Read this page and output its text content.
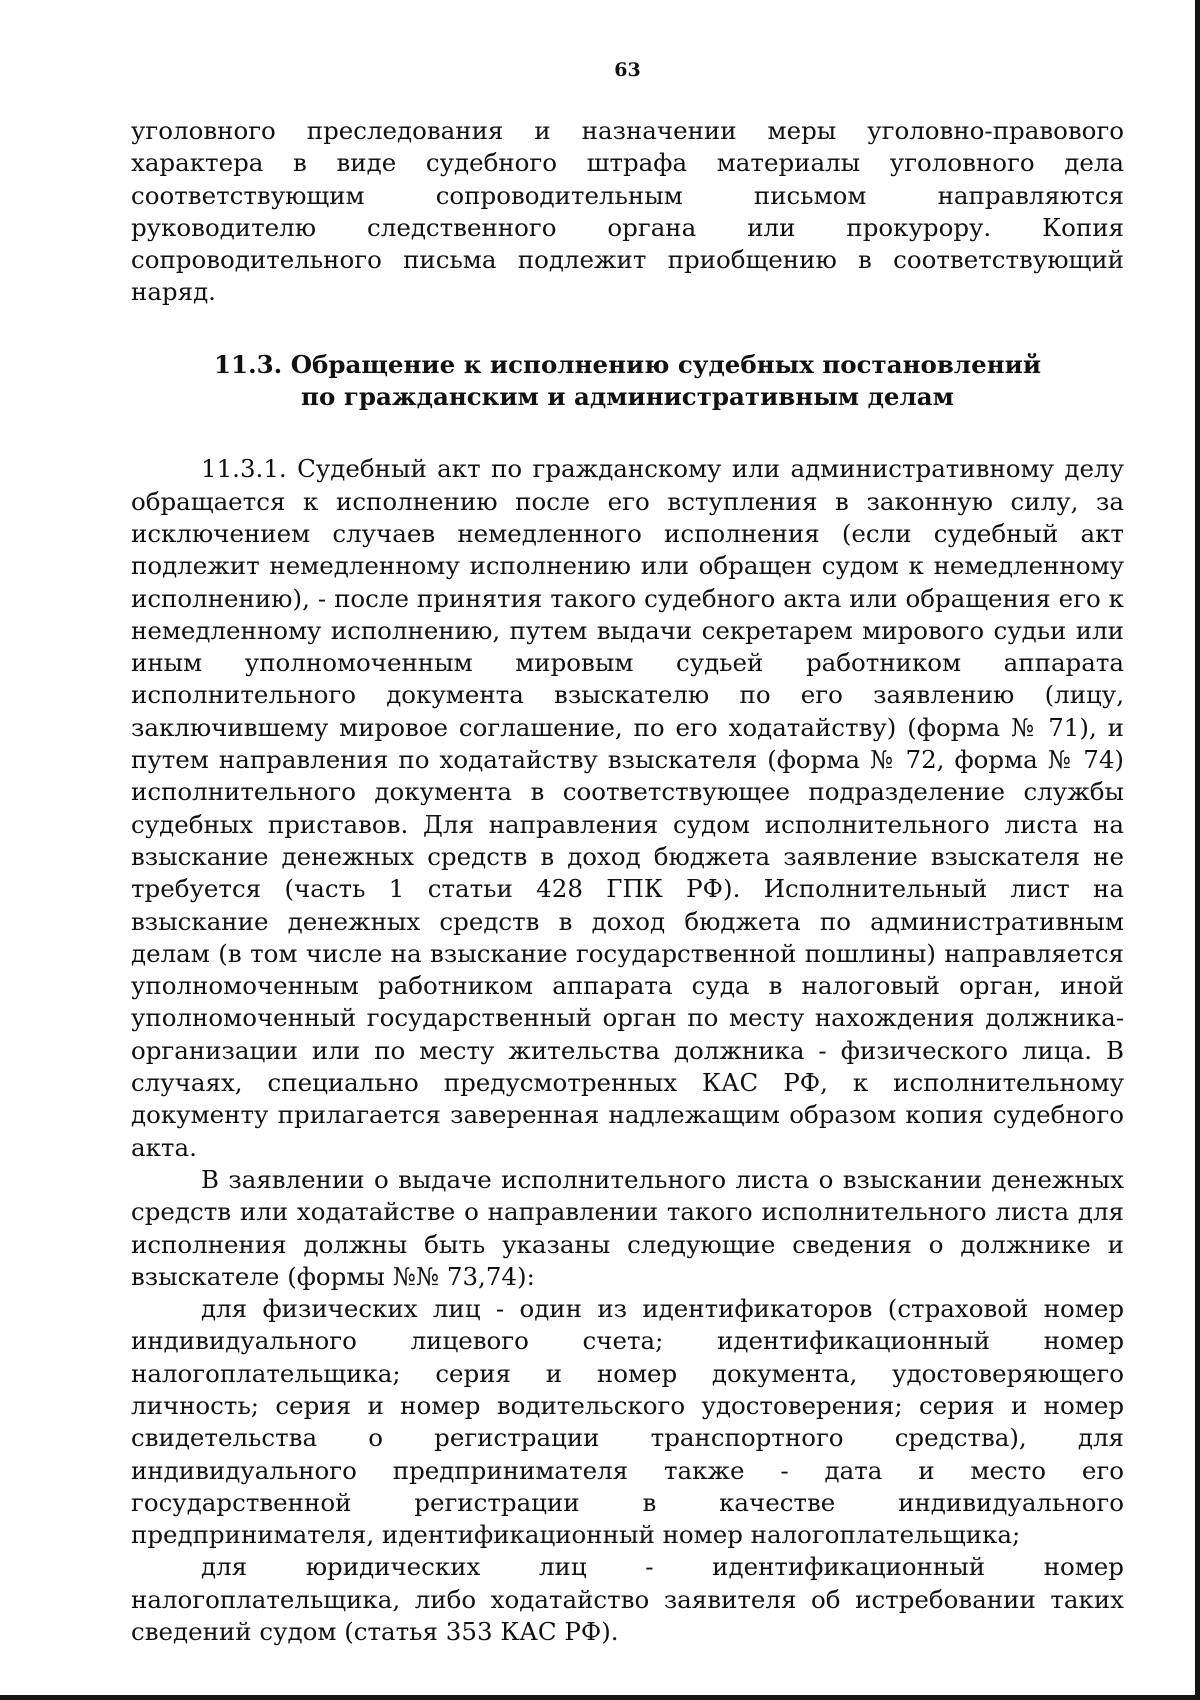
63

уголовного преследования и назначении меры уголовно-правового характера в виде судебного штрафа материалы уголовного дела соответствующим сопроводительным письмом направляются руководителю следственного органа или прокурору. Копия сопроводительного письма подлежит приобщению в соответствующий наряд.

11.3. Обращение к исполнению судебных постановлений
по гражданским и административным делам

11.3.1. Судебный акт по гражданскому или административному делу обращается к исполнению после его вступления в законную силу, за исключением случаев немедленного исполнения (если судебный акт подлежит немедленному исполнению или обращен судом к немедленному исполнению), - после принятия такого судебного акта или обращения его к немедленному исполнению, путем выдачи секретарем мирового судьи или иным уполномоченным мировым судьей работником аппарата исполнительного документа взыскателю по его заявлению (лицу, заключившему мировое соглашение, по его ходатайству) (форма № 71), и путем направления по ходатайству взыскателя (форма № 72, форма № 74) исполнительного документа в соответствующее подразделение службы судебных приставов. Для направления судом исполнительного листа на взыскание денежных средств в доход бюджета заявление взыскателя не требуется (часть 1 статьи 428 ГПК РФ). Исполнительный лист на взыскание денежных средств в доход бюджета по административным делам (в том числе на взыскание государственной пошлины) направляется уполномоченным работником аппарата суда в налоговый орган, иной уполномоченный государственный орган по месту нахождения должника-организации или по месту жительства должника - физического лица. В случаях, специально предусмотренных КАС РФ, к исполнительному документу прилагается заверенная надлежащим образом копия судебного акта.

В заявлении о выдаче исполнительного листа о взыскании денежных средств или ходатайстве о направлении такого исполнительного листа для исполнения должны быть указаны следующие сведения о должнике и взыскателе (формы №№ 73,74):

для физических лиц - один из идентификаторов (страховой номер индивидуального лицевого счета; идентификационный номер налогоплательщика; серия и номер документа, удостоверяющего личность; серия и номер водительского удостоверения; серия и номер свидетельства о регистрации транспортного средства), для индивидуального предпринимателя также - дата и место его государственной регистрации в качестве индивидуального предпринимателя, идентификационный номер налогоплательщика;

для юридических лиц - идентификационный номер налогоплательщика, либо ходатайство заявителя об истребовании таких сведений судом (статья 353 КАС РФ).
